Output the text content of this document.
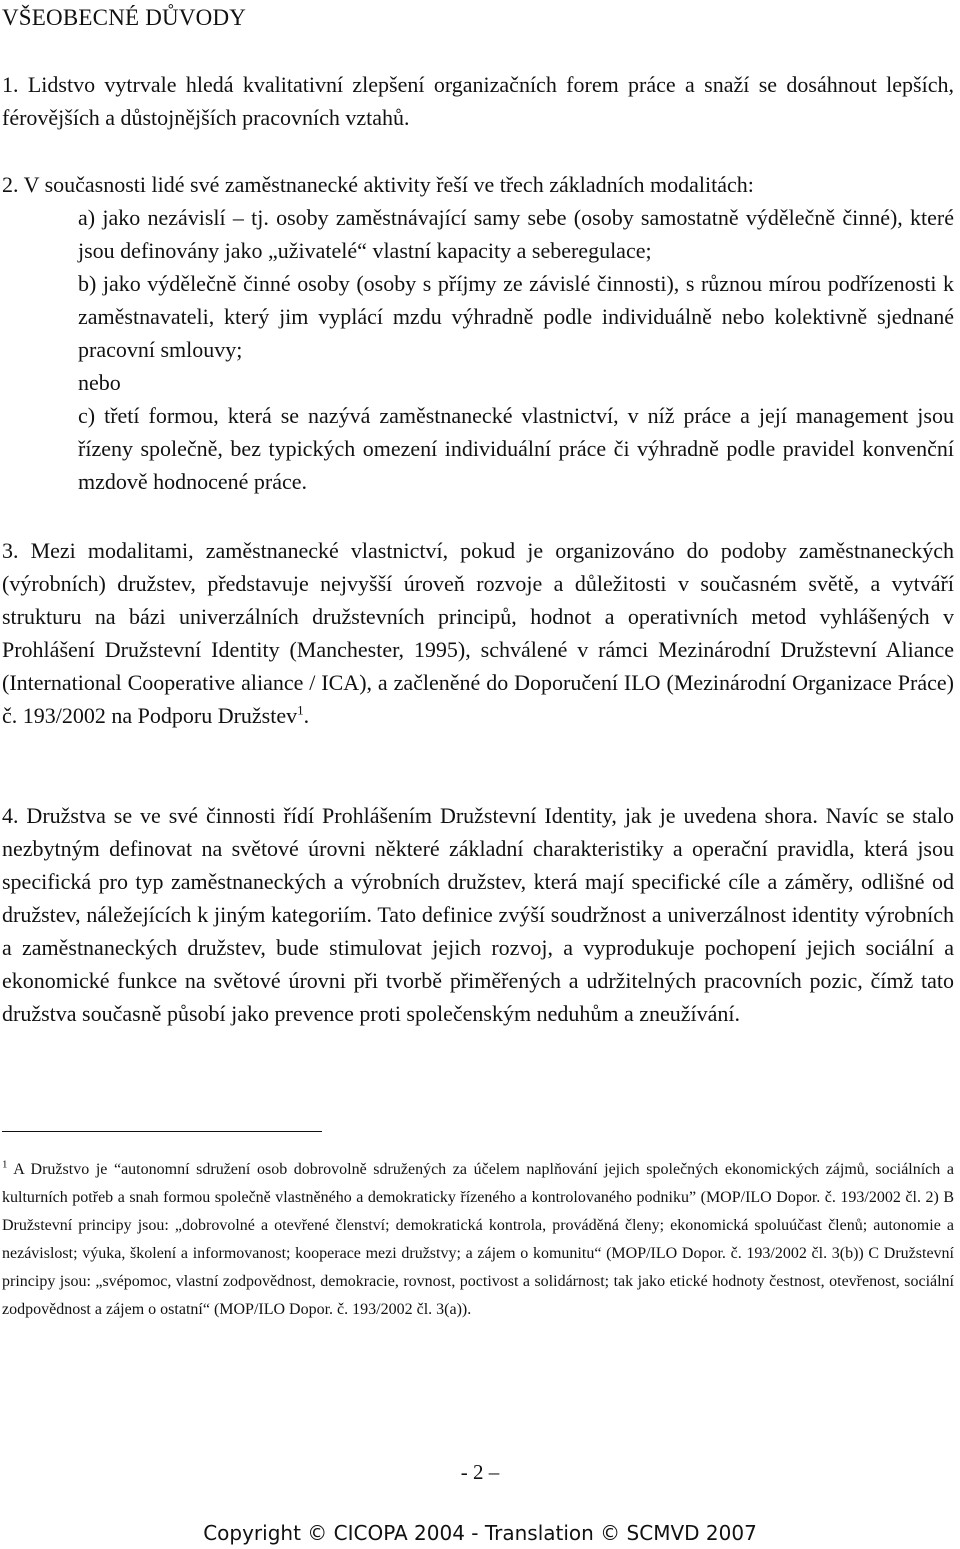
VŠEOBECNÉ DŮVODY
1. Lidstvo vytrvale hledá kvalitativní zlepšení organizačních forem práce a snaží se dosáhnout lepších, férovějších a důstojnějších pracovních vztahů.
2. V současnosti lidé své zaměstnanecké aktivity řeší ve třech základních modalitách:
a) jako nezávislí – tj. osoby zaměstnávající samy sebe (osoby samostatně výdělečně činné), které jsou definovány jako „uživatelé“ vlastní kapacity a seberegulace;
b) jako výdělečně činné osoby (osoby s příjmy ze závislé činnosti), s různou mírou podřízenosti k zaměstnavateli, který jim vyplácí mzdu výhradně podle individuálně nebo kolektivně sjednané pracovní smlouvy;
nebo
c) třetí formou, která se nazývá zaměstnanecké vlastnictví, v níž práce a její management jsou řízeny společně, bez typických omezení individuální práce či výhradně podle pravidel konvenční mzdově hodnocené práce.
3. Mezi modalitami, zaměstnanecké vlastnictví, pokud je organizováno do podoby zaměstnaneckých (výrobních) družstev, představuje nejvyšší úroveň rozvoje a důležitosti v současném světě, a vytváří strukturu na bázi univerzálních družstevních principů, hodnot a operativních metod vyhlášených v Prohlášení Družstevní Identity (Manchester, 1995), schválené v rámci Mezinárodní Družstevní Aliance (International Cooperative aliance / ICA), a začleněné do Doporučení ILO (Mezinárodní Organizace Práce) č. 193/2002 na Podporu Družstev$^1$.
4. Družstva se ve své činnosti řídí Prohlášením Družstevní Identity, jak je uvedena shora. Navíc se stalo nezbytným definovat na světové úrovni některé základní charakteristiky a operační pravidla, která jsou specifická pro typ zaměstnaneckých a výrobních družstev, která mají specifické cíle a záměry, odlišné od družstev, náležejících k jiným kategoriím. Tato definice zvýší soudržnost a univerzálnost identity výrobních a zaměstnaneckých družstev, bude stimulovat jejich rozvoj, a vyprodukuje pochopení jejich sociální a ekonomické funkce na světové úrovni při tvorbě přiměřených a udržitelných pracovních pozic, čímž tato družstva současně působí jako prevence proti společenským neduhům a zneužívání.
$^1$ A Družstvo je “autonomní sdružení osob dobrovolně sdružených za účelem naplňování jejich společných ekonomických zájmů, sociálních a kulturních potřeb a snah formou společně vlastněného a demokraticky řízeného a kontrolovaného podniku” (MOP/ILO Dopor. č. 193/2002 čl. 2) B Družstevní principy jsou: „dobrovolné a otevřené členství; demokratická kontrola, prováděná členy; ekonomická spoluúčast členů; autonomie a nezávislost; výuka, školení a informovanost; kooperace mezi družstvy; a zájem o komunitu“ (MOP/ILO Dopor. č. 193/2002 čl. 3(b)) C Družstevní principy jsou: „svépomoc, vlastní zodpovědnost, demokracie, rovnost, poctivost a solidárnost; tak jako etické hodnoty čestnost, otevřenost, sociální zodpovědnost a zájem o ostatní“ (MOP/ILO Dopor. č. 193/2002 čl. 3(a)).
- 2 –
Copyright © CICOPA 2004 - Translation © SCMVD 2007
